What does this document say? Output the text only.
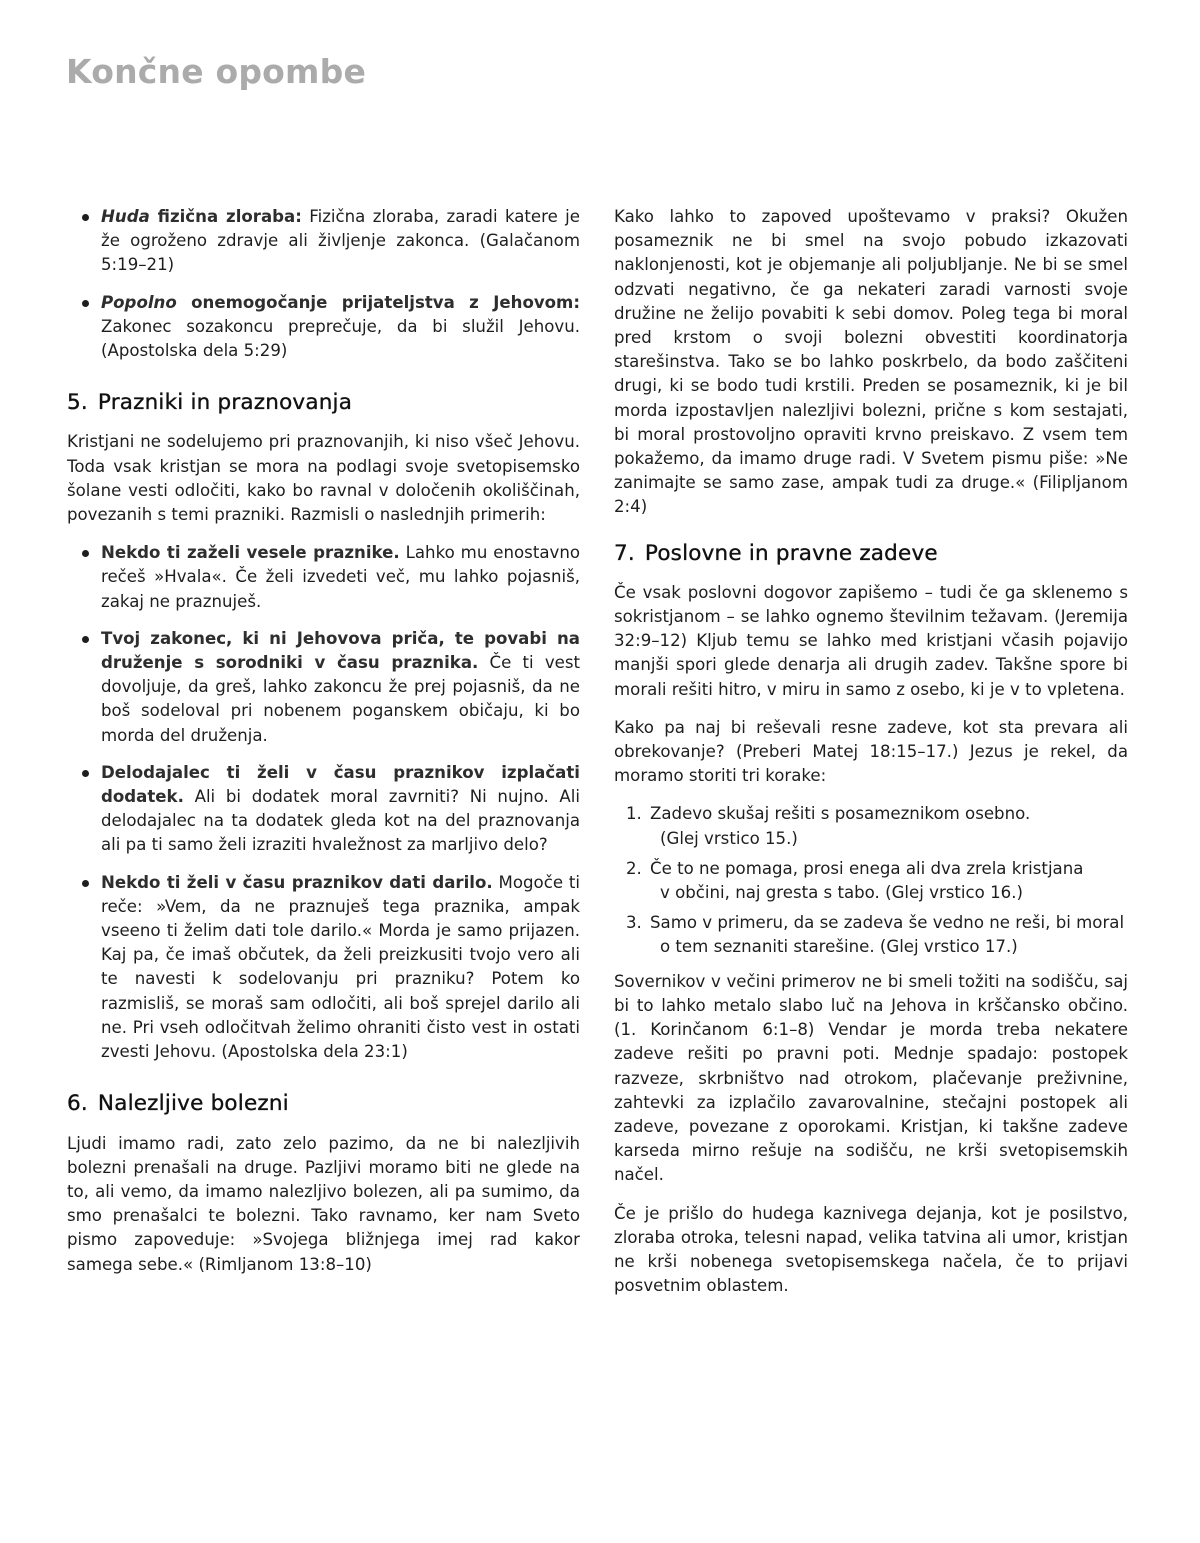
Končne opombe
Huda fizična zloraba: Fizična zloraba, zaradi katere je že ogroženo zdravje ali življenje zakonca. (Galačanom 5:19–21)
Popolno onemogočanje prijateljstva z Jehovom: Zakonec sozakoncu preprečuje, da bi služil Jehovu. (Apostolska dela 5:29)
5. Prazniki in praznovanja

Kristjani ne sodelujemo pri praznovanjih, ki niso všeč Jehovu. Toda vsak kristjan se mora na podlagi svoje svetopisemsko šolane vesti odločiti, kako bo ravnal v določenih okoliščinah, povezanih s temi prazniki. Razmisli o naslednjih primerih:

Nekdo ti zaželi vesele praznike. Lahko mu enostavno rečeš »Hvala«. Če želi izvedeti več, mu lahko pojasniš, zakaj ne praznuješ.
Tvoj zakonec, ki ni Jehovova priča, te povabi na druženje s sorodniki v času praznika. Če ti vest dovoljuje, da greš, lahko zakoncu že prej pojasniš, da ne boš sodeloval pri nobenem poganskem običaju, ki bo morda del druženja.
Delodajalec ti želi v času praznikov izplačati dodatek. Ali bi dodatek moral zavrniti? Ni nujno. Ali delodajalec na ta dodatek gleda kot na del praznovanja ali pa ti samo želi izraziti hvaležnost za marljivo delo?
Nekdo ti želi v času praznikov dati darilo. Mogoče ti reče: »Vem, da ne praznuješ tega praznika, ampak vseeno ti želim dati tole darilo.« Morda je samo prijazen. Kaj pa, če imaš občutek, da želi preizkusiti tvojo vero ali te navesti k sodelovanju pri prazniku? Potem ko razmisliš, se moraš sam odločiti, ali boš sprejel darilo ali ne. Pri vseh odločitvah želimo ohraniti čisto vest in ostati zvesti Jehovu. (Apostolska dela 23:1)
6. Nalezljive bolezni

Ljudi imamo radi, zato zelo pazimo, da ne bi nalezljivih bolezni prenašali na druge. Pazljivi moramo biti ne glede na to, ali vemo, da imamo nalezljivo bolezen, ali pa sumimo, da smo prenašalci te bolezni. Tako ravnamo, ker nam Sveto pismo zapoveduje: »Svojega bližnjega imej rad kakor samega sebe.« (Rimljanom 13:8–10)

Kako lahko to zapoved upoštevamo v praksi? Okužen posameznik ne bi smel na svojo pobudo izkazovati naklonjenosti, kot je objemanje ali poljubljanje. Ne bi se smel odzvati negativno, če ga nekateri zaradi varnosti svoje družine ne želijo povabiti k sebi domov. Poleg tega bi moral pred krstom o svoji bolezni obvestiti koordinatorja starešinstva. Tako se bo lahko poskrbelo, da bodo zaščiteni drugi, ki se bodo tudi krstili. Preden se posameznik, ki je bil morda izpostavljen nalezljivi bolezni, prične s kom sestajati, bi moral prostovoljno opraviti krvno preiskavo. Z vsem tem pokažemo, da imamo druge radi. V Svetem pismu piše: »Ne zanimajte se samo zase, ampak tudi za druge.« (Filipljanom 2:4)

7. Poslovne in pravne zadeve

Če vsak poslovni dogovor zapišemo – tudi če ga sklenemo s sokristjanom – se lahko ognemo številnim težavam. (Jeremija 32:9–12) Kljub temu se lahko med kristjani včasih pojavijo manjši spori glede denarja ali drugih zadev. Takšne spore bi morali rešiti hitro, v miru in samo z osebo, ki je v to vpletena.

Kako pa naj bi reševali resne zadeve, kot sta prevara ali obrekovanje? (Preberi Matej 18:15–17.) Jezus je rekel, da moramo storiti tri korake:

1. Zadevo skušaj rešiti s posameznikom osebno.
(Glej vrstico 15.)
2. Če to ne pomaga, prosi enega ali dva zrela kristjana
v občini, naj gresta s tabo. (Glej vrstico 16.)
3. Samo v primeru, da se zadeva še vedno ne reši, bi moral
o tem seznaniti starešine. (Glej vrstico 17.)

Sovernikov v večini primerov ne bi smeli tožiti na sodišču, saj bi to lahko metalo slabo luč na Jehova in krščansko občino. (1. Korinčanom 6:1–8) Vendar je morda treba nekatere zadeve rešiti po pravni poti. Mednje spadajo: postopek razveze, skrbništvo nad otrokom, plačevanje preživnine, zahtevki za izplačilo zavarovalnine, stečajni postopek ali zadeve, povezane z oporokami. Kristjan, ki takšne zadeve karseda mirno rešuje na sodišču, ne krši svetopisemskih načel.

Če je prišlo do hudega kaznivega dejanja, kot je posilstvo, zloraba otroka, telesni napad, velika tatvina ali umor, kristjan ne krši nobenega svetopisemskega načela, če to prijavi posvetnim oblastem.
